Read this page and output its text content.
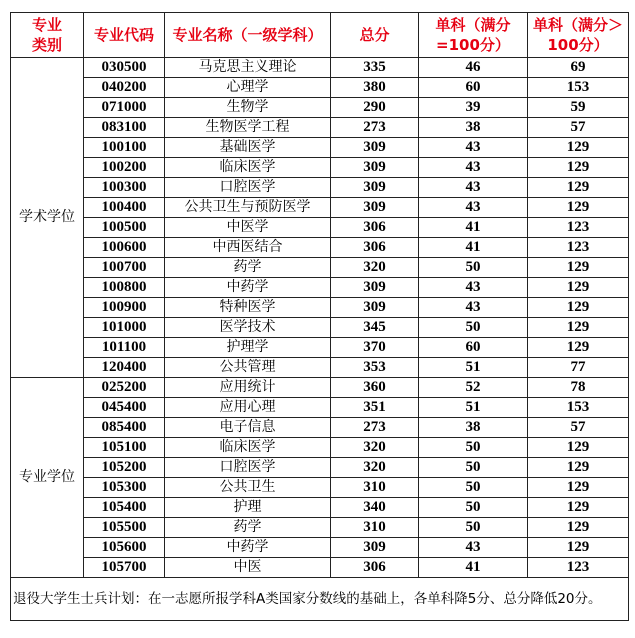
专业类别	专业代码	专业名称（一级学科）	总分	单科（满分=100分）	单科（满分＞100分）
学术学位	030500	马克思主义理论	335	46	69
	040200	心理学	380	60	153
	071000	生物学	290	39	59
	083100	生物医学工程	273	38	57
	100100	基础医学	309	43	129
	100200	临床医学	309	43	129
	100300	口腔医学	309	43	129
	100400	公共卫生与预防医学	309	43	129
	100500	中医学	306	41	123
	100600	中西医结合	306	41	123
	100700	药学	320	50	129
	100800	中药学	309	43	129
	100900	特种医学	309	43	129
	101000	医学技术	345	50	129
	101100	护理学	370	60	129
	120400	公共管理	353	51	77
专业学位	025200	应用统计	360	52	78
	045400	应用心理	351	51	153
	085400	电子信息	273	38	57
	105100	临床医学	320	50	129
	105200	口腔医学	320	50	129
	105300	公共卫生	310	50	129
	105400	护理	340	50	129
	105500	药学	310	50	129
	105600	中药学	309	43	129
	105700	中医	306	41	123
退役大学生士兵计划：在一志愿所报学科A类国家分数线的基础上，各单科降5分、总分降低20分。					
